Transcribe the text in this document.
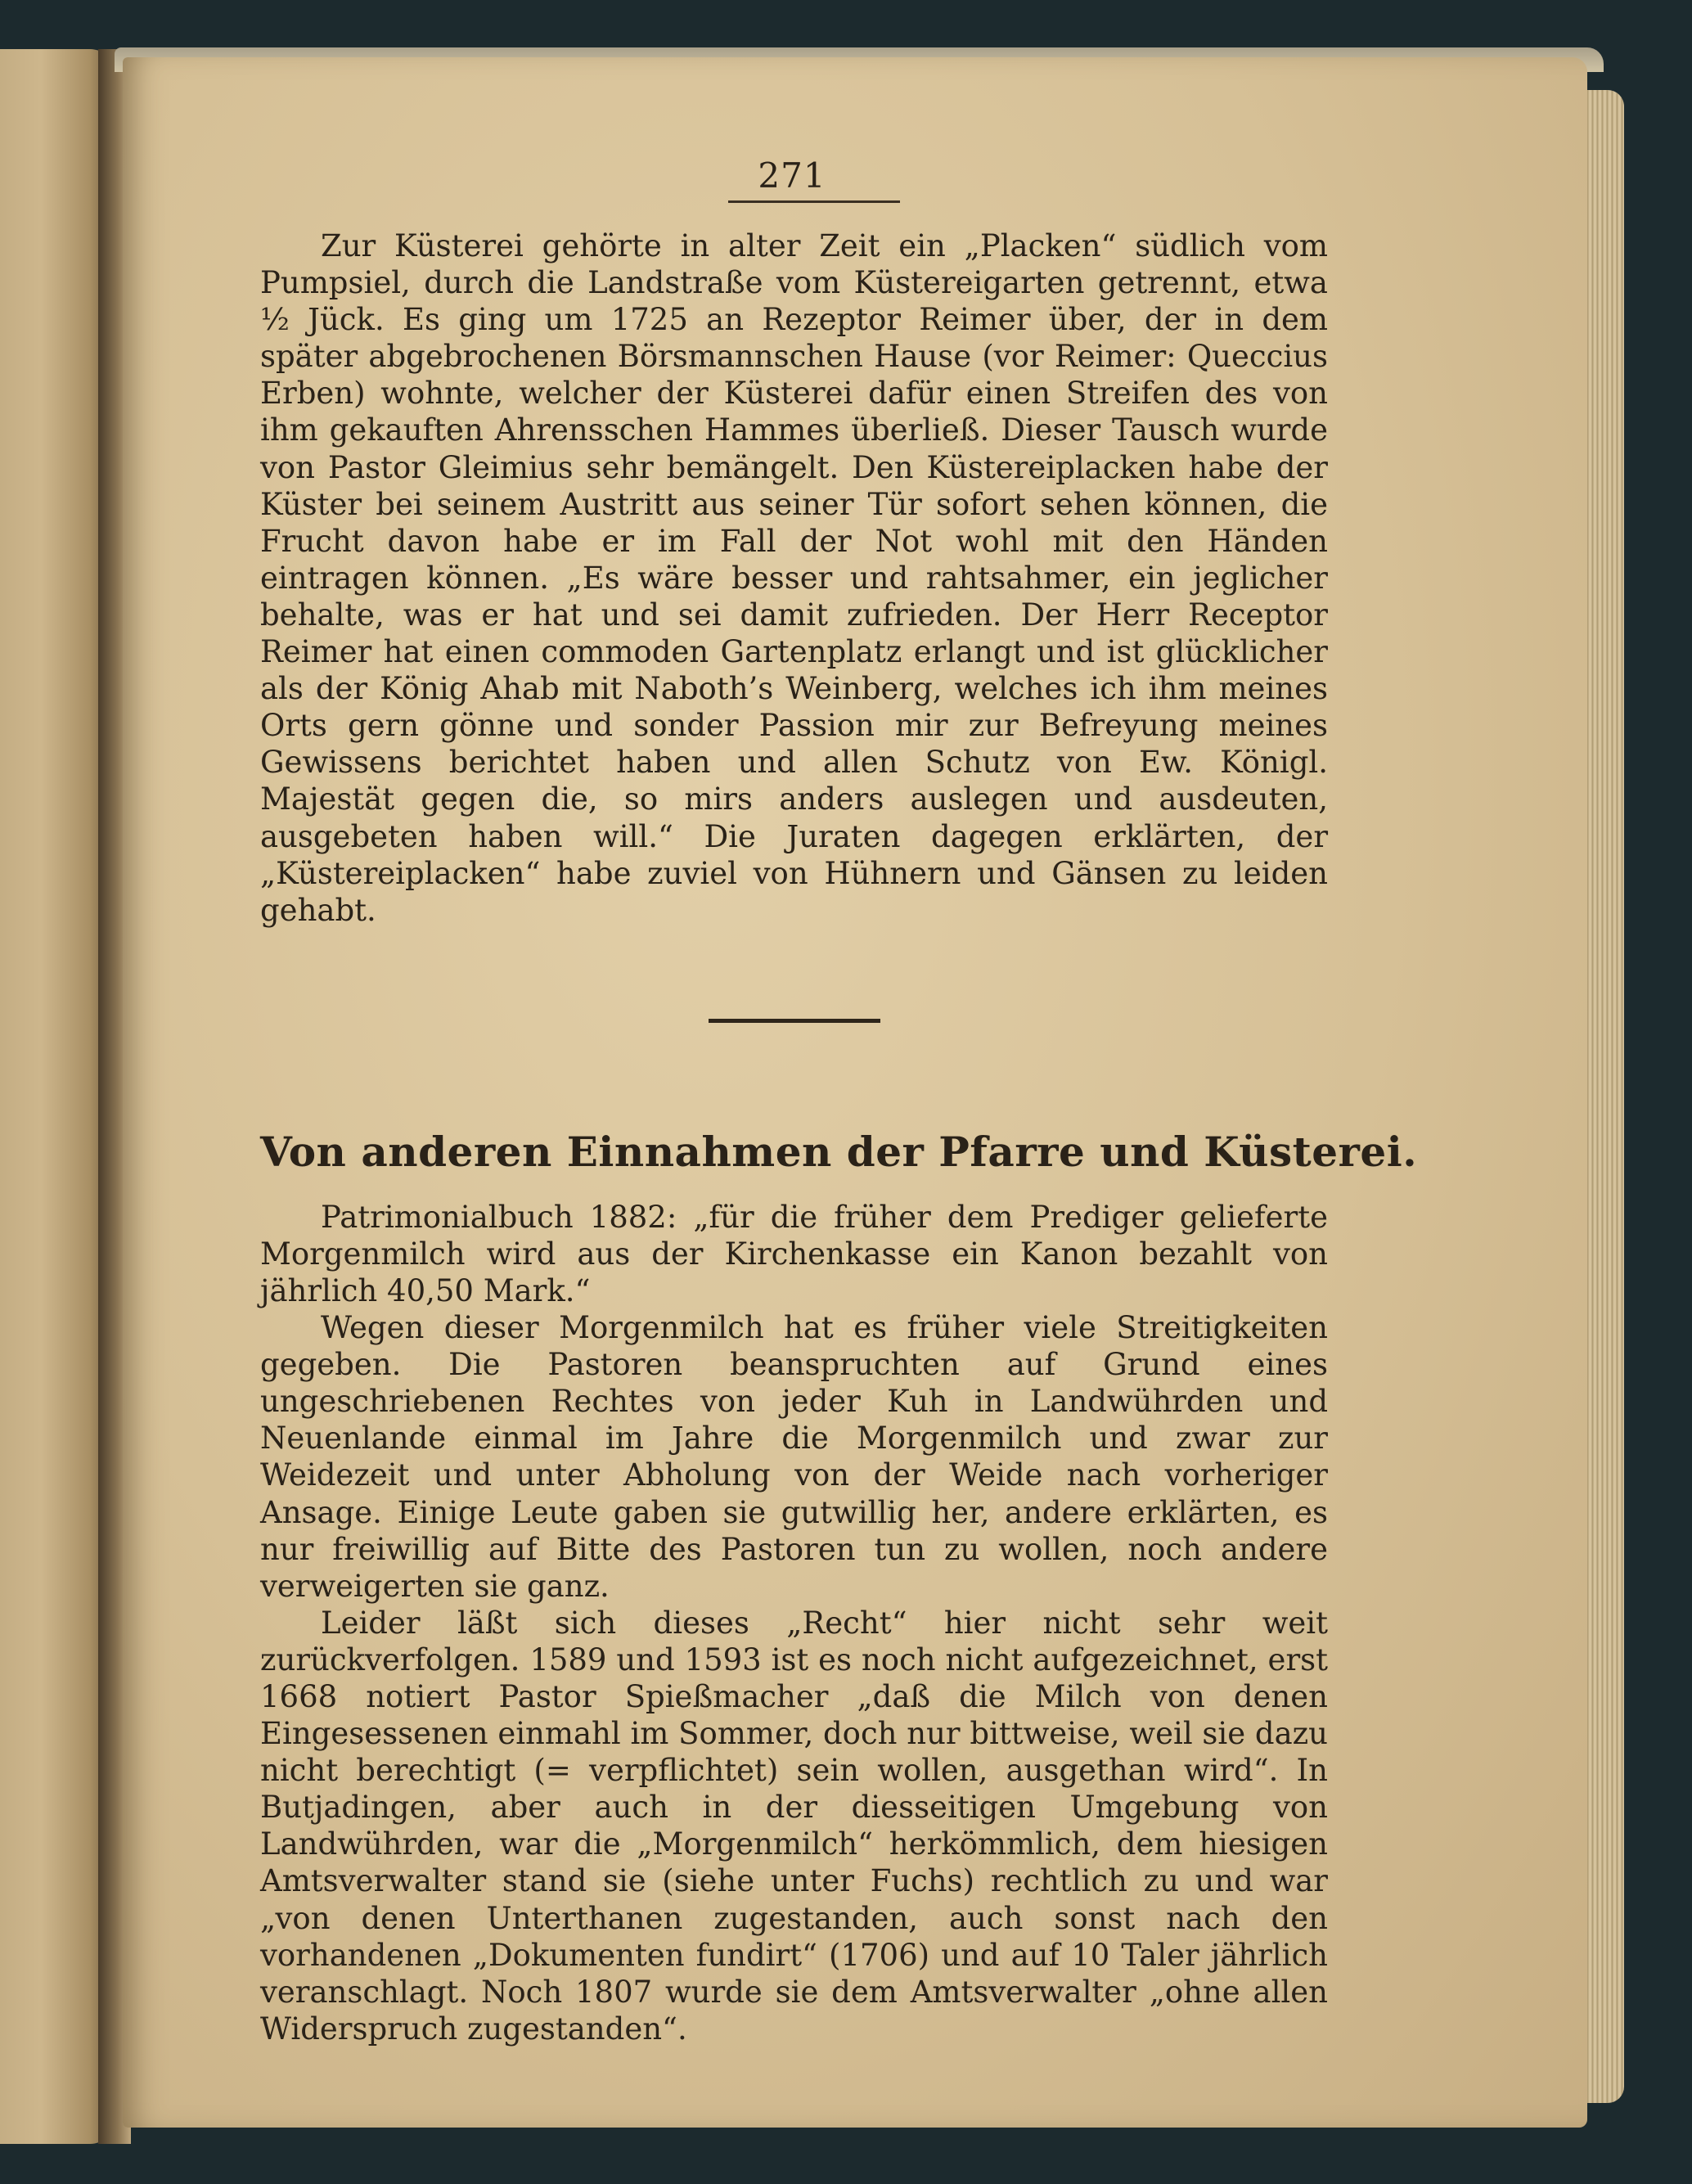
271

Zur Küsterei gehörte in alter Zeit ein „Placken“ südlich vom Pumpsiel, durch die Landstraße vom Küstereigarten getrennt, etwa ½ Jück. Es ging um 1725 an Rezeptor Reimer über, der in dem später abgebrochenen Börsmannschen Hause (vor Reimer: Queccius Erben) wohnte, welcher der Küsterei dafür einen Streifen des von ihm gekauften Ahrensschen Hammes überließ. Dieser Tausch wurde von Pastor Gleimius sehr bemängelt. Den Küstereiplacken habe der Küster bei seinem Austritt aus seiner Tür sofort sehen können, die Frucht davon habe er im Fall der Not wohl mit den Händen eintragen können. „Es wäre besser und rahtsahmer, ein jeglicher behalte, was er hat und sei damit zufrieden. Der Herr Receptor Reimer hat einen commoden Gartenplatz erlangt und ist glücklicher als der König Ahab mit Naboth’s Weinberg, welches ich ihm meines Orts gern gönne und sonder Passion mir zur Befreyung meines Gewissens berichtet haben und allen Schutz von Ew. Königl. Majestät gegen die, so mirs anders auslegen und ausdeuten, ausgebeten haben will.“ Die Juraten dagegen erklärten, der „Küstereiplacken“ habe zuviel von Hühnern und Gänsen zu leiden gehabt.

Von anderen Einnahmen der Pfarre und Küsterei.

Patrimonialbuch 1882: „für die früher dem Prediger gelieferte Morgenmilch wird aus der Kirchenkasse ein Kanon bezahlt von jährlich 40,50 Mark.“

Wegen dieser Morgenmilch hat es früher viele Streitigkeiten gegeben. Die Pastoren beanspruchten auf Grund eines ungeschriebenen Rechtes von jeder Kuh in Landwührden und Neuenlande einmal im Jahre die Morgenmilch und zwar zur Weidezeit und unter Abholung von der Weide nach vorheriger Ansage. Einige Leute gaben sie gutwillig her, andere erklärten, es nur freiwillig auf Bitte des Pastoren tun zu wollen, noch andere verweigerten sie ganz.

Leider läßt sich dieses „Recht“ hier nicht sehr weit zurückverfolgen. 1589 und 1593 ist es noch nicht aufgezeichnet, erst 1668 notiert Pastor Spießmacher „daß die Milch von denen Eingesessenen einmahl im Sommer, doch nur bittweise, weil sie dazu nicht berechtigt (= verpflichtet) sein wollen, ausgethan wird“. In Butjadingen, aber auch in der diesseitigen Umgebung von Landwührden, war die „Morgenmilch“ herkömmlich, dem hiesigen Amtsverwalter stand sie (siehe unter Fuchs) rechtlich zu und war „von denen Unterthanen zugestanden, auch sonst nach den vorhandenen „Dokumenten fundirt“ (1706) und auf 10 Taler jährlich veranschlagt. Noch 1807 wurde sie dem Amtsverwalter „ohne allen Widerspruch zugestanden“.
